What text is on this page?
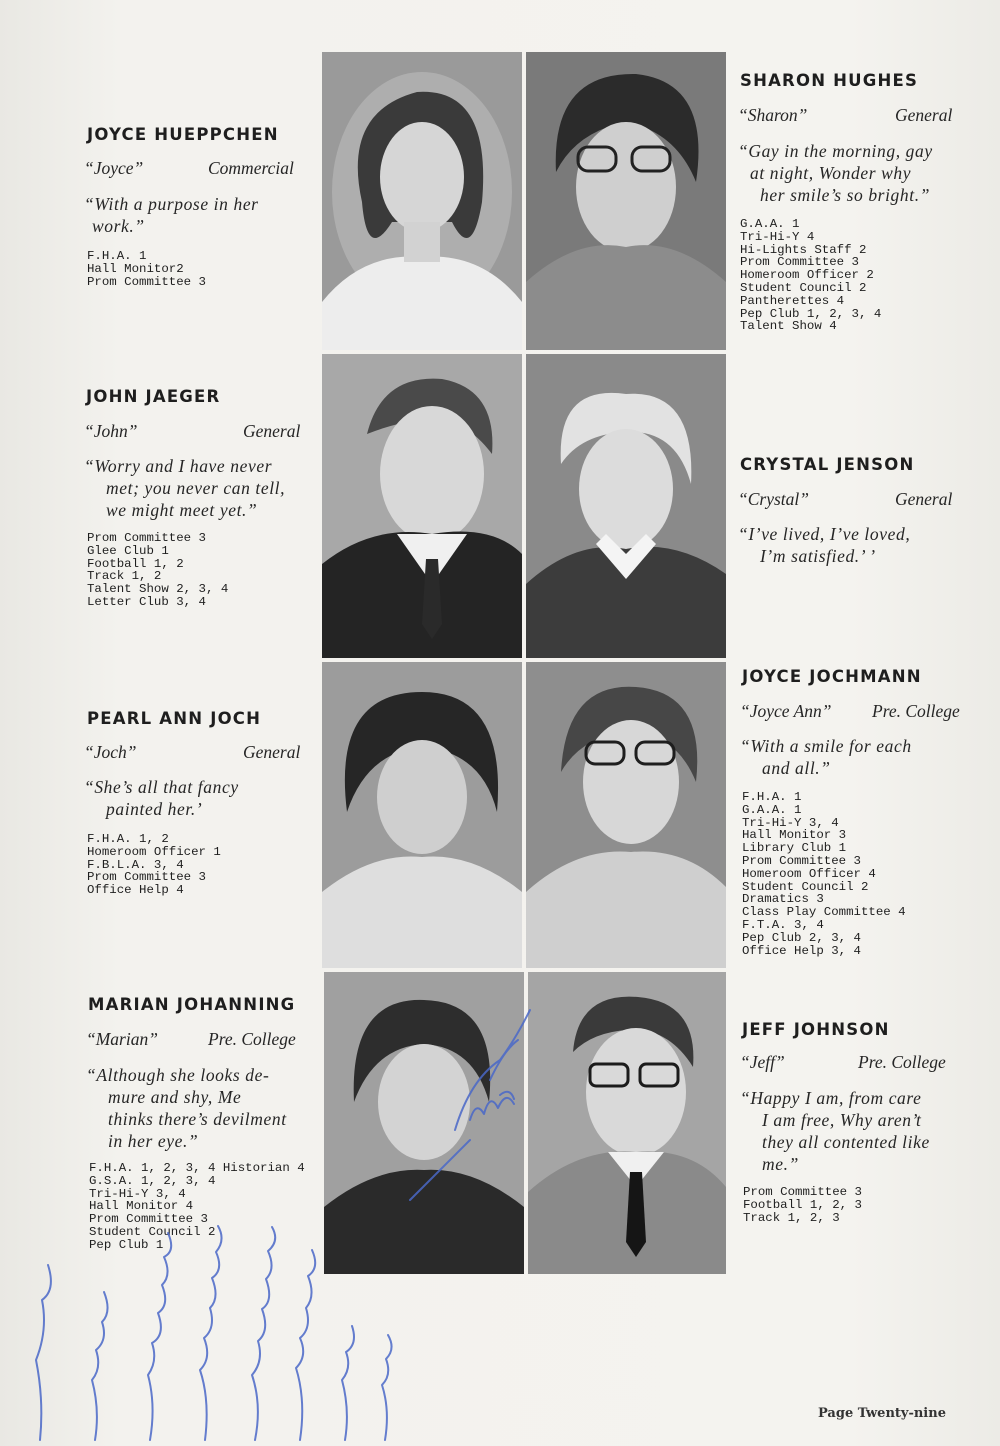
JOYCE HUEPPCHEN
“Joyce”	Commercial
“With a purpose in her
work.”
F.H.A. 1
Hall Monitor2
Prom Committee 3
SHARON HUGHES
“Sharon”	General
“Gay in the morning, gay
at night, Wonder why
her smile’s so bright.”
G.A.A. 1
Tri-Hi-Y 4
Hi-Lights Staff 2
Prom Committee 3
Homeroom Officer 2
Student Council 2
Pantherettes 4
Pep Club 1, 2, 3, 4
Talent Show 4
JOHN JAEGER
“John”	General
“Worry and I have never
met; you never can tell,
we might meet yet.”
Prom Committee 3
Glee Club 1
Football 1, 2
Track 1, 2
Talent Show 2, 3, 4
Letter Club 3, 4
CRYSTAL JENSON
“Crystal”	General
“I’ve lived, I’ve loved,
I’m satisfied.’ ’
PEARL ANN JOCH
“Joch”	General
“She’s all that fancy
painted her.’
F.H.A. 1, 2
Homeroom Officer 1
F.B.L.A. 3, 4
Prom Committee 3
Office Help 4
JOYCE JOCHMANN
“Joyce Ann” Pre. College
“With a smile for each
and all.”
F.H.A. 1
G.A.A. 1
Tri-Hi-Y 3, 4
Hall Monitor 3
Library Club 1
Prom Committee 3
Homeroom Officer 4
Student Council 2
Dramatics 3
Class Play Committee 4
F.T.A. 3, 4
Pep Club 2, 3, 4
Office Help 3, 4
MARIAN JOHANNING
“Marian”	Pre. College
“Although she looks de-
mure and shy, Me
thinks there’s devilment
in her eye.”
F.H.A. 1, 2, 3, 4 Historian 4
G.S.A. 1, 2, 3, 4
Tri-Hi-Y 3, 4
Hall Monitor 4
Prom Committee 3
Student Council 2
Pep Club 1
JEFF JOHNSON
“Jeff”	Pre. College
“Happy I am, from care
I am free, Why aren’t
they all contented like
me.”
Prom Committee 3
Football 1, 2, 3
Track 1, 2, 3
Page Twenty-nine
